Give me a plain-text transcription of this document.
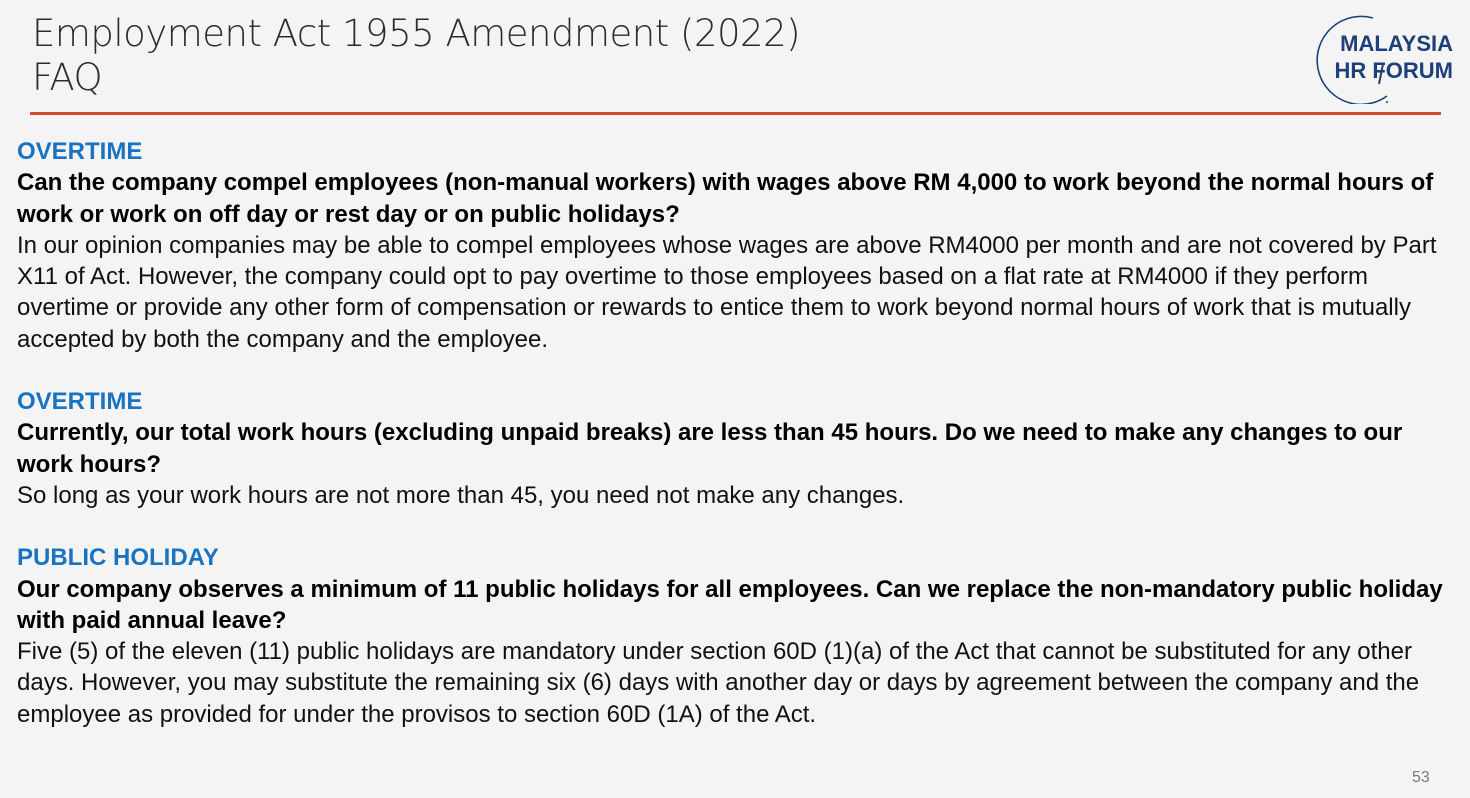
Employment Act 1955 Amendment (2022)
FAQ
MALAYSIA
HR FORUM

OVERTIME

Can the company compel employees (non-manual workers) with wages above RM 4,000 to work beyond the normal hours of work or work on off day or rest day or on public holidays?

In our opinion companies may be able to compel employees whose wages are above RM4000 per month and are not covered by Part X11 of Act. However, the company could opt to pay overtime to those employees based on a flat rate at RM4000 if they perform overtime or provide any other form of compensation or rewards to entice them to work beyond normal hours of work that is mutually accepted by both the company and the employee.

OVERTIME

Currently, our total work hours (excluding unpaid breaks) are less than 45 hours. Do we need to make any changes to our work hours?

So long as your work hours are not more than 45, you need not make any changes.

PUBLIC HOLIDAY

Our company observes a minimum of 11 public holidays for all employees. Can we replace the non-mandatory public holiday with paid annual leave?

Five (5) of the eleven (11) public holidays are mandatory under section 60D (1)(a) of the Act that cannot be substituted for any other days. However, you may substitute the remaining six (6) days with another day or days by agreement between the company and the employee as provided for under the provisos to section 60D (1A) of the Act.

53
